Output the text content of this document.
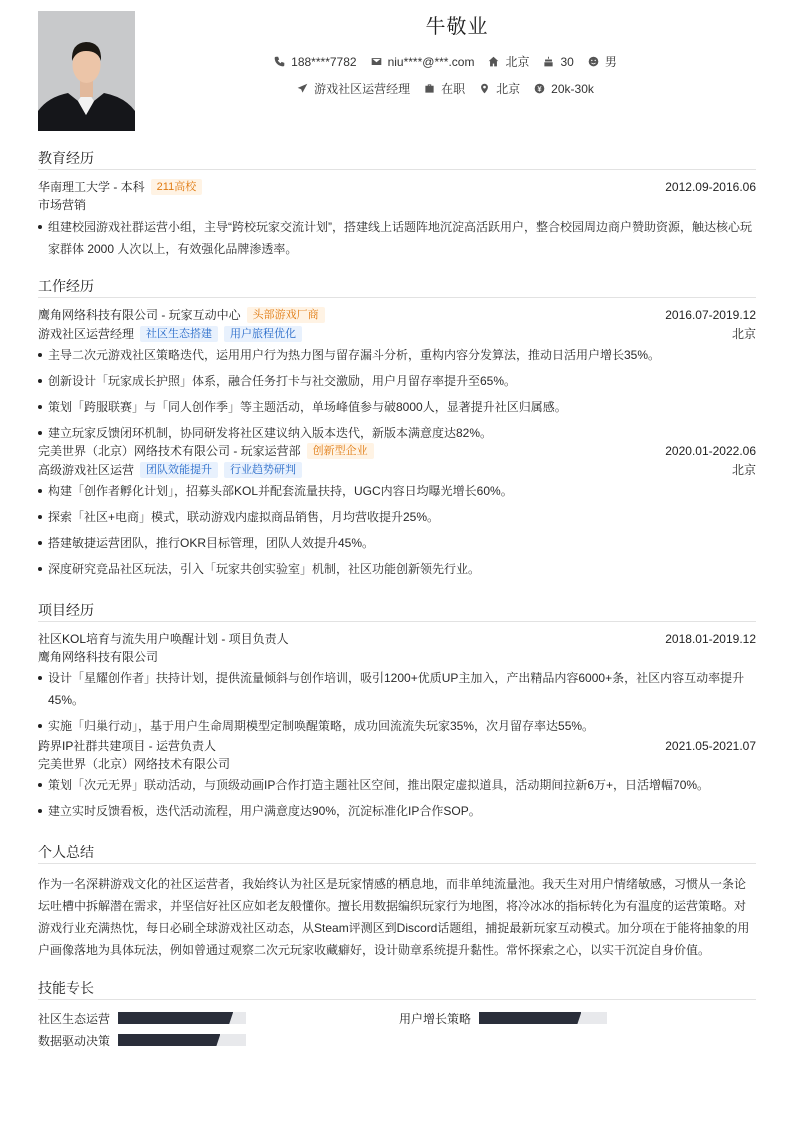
牛敬业
188****7782	niu****@***.com	北京	30	男
游戏社区运营经理	在职	北京	20k-30k
教育经历
华南理工大学 - 本科	211高校	2012.09-2016.06
市场营销
组建校园游戏社群运营小组，主导“跨校玩家交流计划”，搭建线上话题阵地沉淀高活跃用户，整合校园周边商户赞助资源，触达核心玩家群体 2000 人次以上，有效强化品牌渗透率。
工作经历
鹰角网络科技有限公司 - 玩家互动中心	头部游戏厂商	2016.07-2019.12
游戏社区运营经理	社区生态搭建	用户旅程优化	北京
主导二次元游戏社区策略迭代，运用用户行为热力图与留存漏斗分析，重构内容分发算法，推动日活用户增长35%。
创新设计「玩家成长护照」体系，融合任务打卡与社交激励，用户月留存率提升至65%。
策划「跨服联赛」与「同人创作季」等主题活动，单场峰值参与破8000人，显著提升社区归属感。
建立玩家反馈闭环机制，协同研发将社区建议纳入版本迭代，新版本满意度达82%。
完美世界（北京）网络技术有限公司 - 玩家运营部	创新型企业	2020.01-2022.06
高级游戏社区运营	团队效能提升	行业趋势研判	北京
构建「创作者孵化计划」，招募头部KOL并配套流量扶持，UGC内容日均曝光增长60%。
探索「社区+电商」模式，联动游戏内虚拟商品销售，月均营收提升25%。
搭建敏捷运营团队，推行OKR目标管理，团队人效提升45%。
深度研究竞品社区玩法，引入「玩家共创实验室」机制，社区功能创新领先行业。
项目经历
社区KOL培育与流失用户唤醒计划 - 项目负责人	2018.01-2019.12
鹰角网络科技有限公司
设计「星耀创作者」扶持计划，提供流量倾斜与创作培训，吸引1200+优质UP主加入，产出精品内容6000+条，社区内容互动率提升45%。
实施「归巢行动」，基于用户生命周期模型定制唤醒策略，成功回流流失玩家35%，次月留存率达55%。
跨界IP社群共建项目 - 运营负责人	2021.05-2021.07
完美世界（北京）网络技术有限公司
策划「次元无界」联动活动，与顶级动画IP合作打造主题社区空间，推出限定虚拟道具，活动期间拉新6万+，日活增幅70%。
建立实时反馈看板，迭代活动流程，用户满意度达90%，沉淀标准化IP合作SOP。
个人总结

作为一名深耕游戏文化的社区运营者，我始终认为社区是玩家情感的栖息地，而非单纯流量池。我天生对用户情绪敏感，习惯从一条论坛吐槽中拆解潜在需求，并坚信好社区应如老友般懂你。擅长用数据编织玩家行为地图，将冷冰冰的指标转化为有温度的运营策略。对游戏行业充满热忱，每日必刷全球游戏社区动态，从Steam评测区到Discord话题组，捕捉最新玩家互动模式。加分项在于能将抽象的用户画像落地为具体玩法，例如曾通过观察二次元玩家收藏癖好，设计勋章系统提升黏性。常怀探索之心，以实干沉淀自身价值。

技能专长
社区生态运营	用户增长策略
数据驱动决策
